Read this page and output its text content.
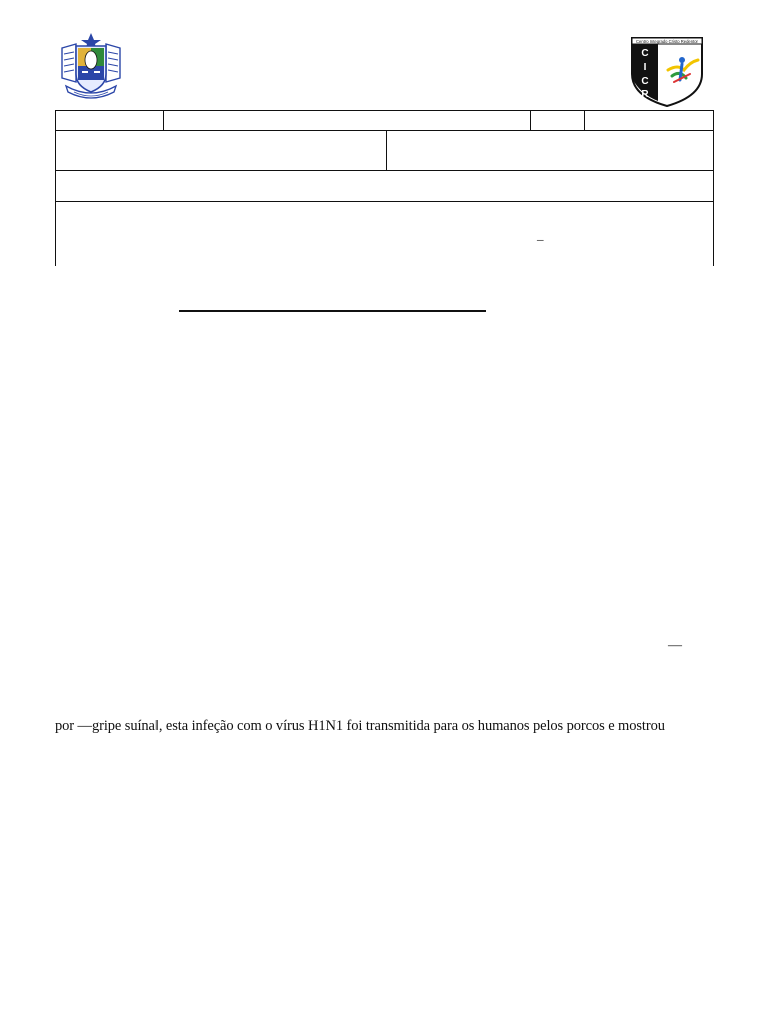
Centro Integrado Cristo Redentor
C
I
C
R
_
—
por ―gripe suína‖, esta infeção com o vírus H1N1 foi transmitida para os humanos pelos porcos e mostrou
